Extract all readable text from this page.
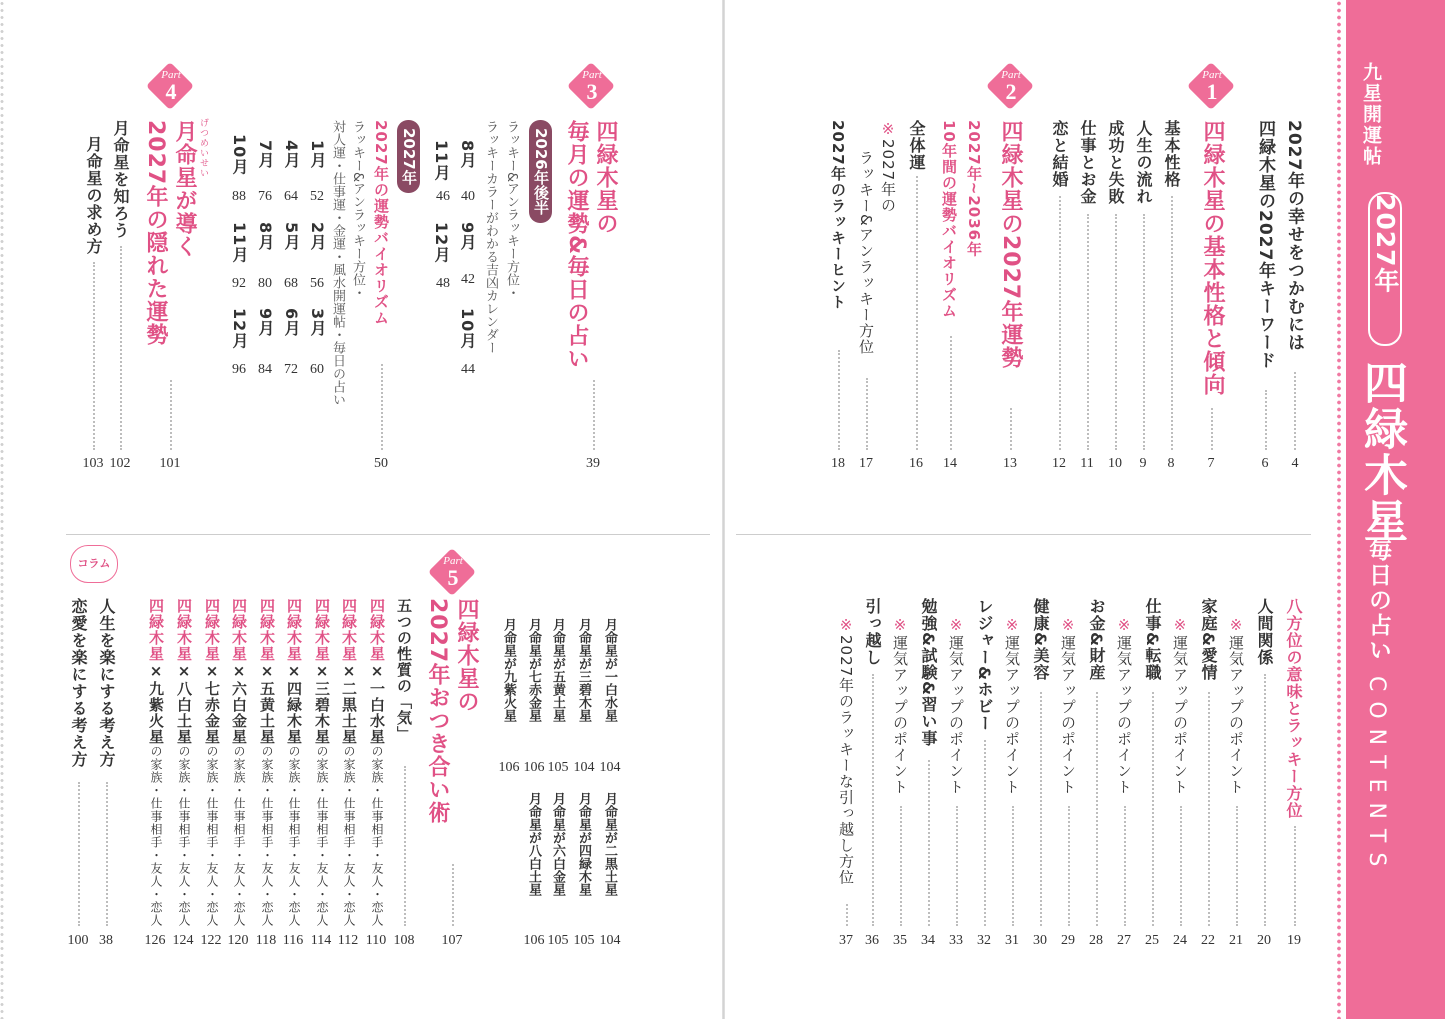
九星開運帖
2027年
四緑木星
毎日の占い
CONTENTS
2027年の幸せをつかむには
4
四緑木星の2027年キーワード
6
Part
1
四緑木星の基本性格と傾向
7
基本性格
8
人生の流れ
9
成功と失敗
10
仕事とお金
11
恋と結婚
12
Part
2
四緑木星の2027年運勢
13
2027年~2036年
10年間の運勢バイオリズム
14
全体運
16
※2027年の
ラッキー&アンラッキー方位
17
2027年のラッキーヒント
18
Part
3
四緑木星の
毎月の運勢&毎日の占い
39
2026年後半
ラッキー&アンラッキー方位・
ラッキーカラーがわかる吉凶カレンダー
8月
40
9月
42
10月
44
11月
46
12月
48
2027年
2027年の運勢バイオリズム
50
ラッキー&アンラッキー方位・
対人運・仕事運・金運・風水開運帖・毎日の占い
1月
52
2月
56
3月
60
4月
64
5月
68
6月
72
7月
76
8月
80
9月
84
10月
88
11月
92
12月
96
Part
4
げつめいせい
月命星が導く
2027年の隠れた運勢
101
月命星を知ろう
102
月命星の求め方
103
八方位の意味とラッキー方位
19
人間関係
20
※運気アップのポイント
21
家庭&愛情
22
※運気アップのポイント
24
仕事&転職
25
※運気アップのポイント
27
お金&財産
28
※運気アップのポイント
29
健康&美容
30
※運気アップのポイント
31
レジャー&ホビー
32
※運気アップのポイント
33
勉強&試験&習い事
34
※運気アップのポイント
35
引っ越し
36
※2027年のラッキーな引っ越し方位
37
月命星が一白水星
104
月命星が三碧木星
104
月命星が五黄土星
105
月命星が七赤金星
106
月命星が九紫火星
106
月命星が二黒土星
104
月命星が四緑木星
105
月命星が六白金星
105
月命星が八白土星
106
Part
5
四緑木星の
2027年おつき合い術
107
五つの性質の「気」
108
四緑木星×一白水星の家族・仕事相手・友人・恋人
110
四緑木星×二黒土星の家族・仕事相手・友人・恋人
112
四緑木星×三碧木星の家族・仕事相手・友人・恋人
114
四緑木星×四緑木星の家族・仕事相手・友人・恋人
116
四緑木星×五黄土星の家族・仕事相手・友人・恋人
118
四緑木星×六白金星の家族・仕事相手・友人・恋人
120
四緑木星×七赤金星の家族・仕事相手・友人・恋人
122
四緑木星×八白土星の家族・仕事相手・友人・恋人
124
四緑木星×九紫火星の家族・仕事相手・友人・恋人
126
コラム
人生を楽にする考え方
38
恋愛を楽にする考え方
100
